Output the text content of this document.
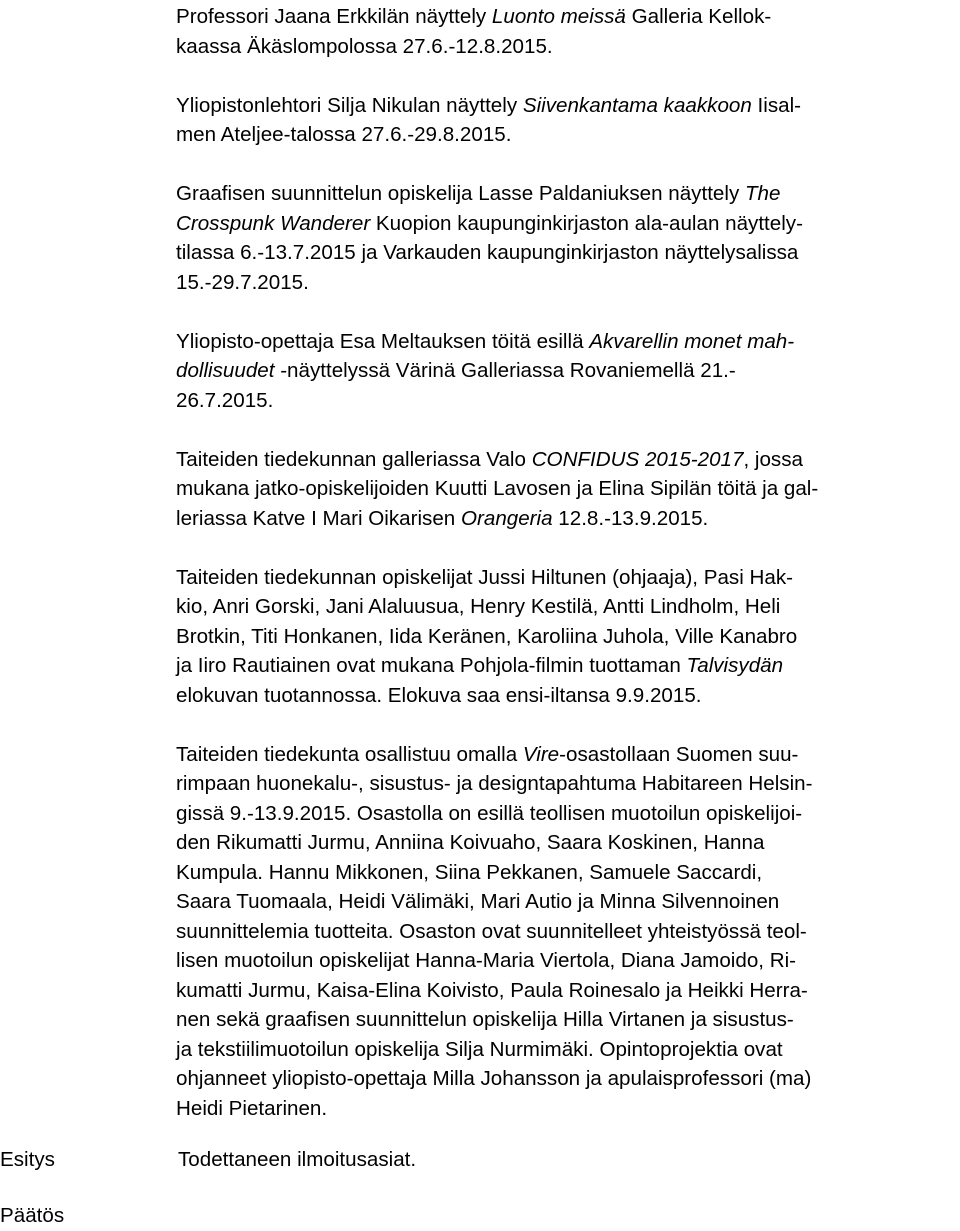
Professori Jaana Erkkilän näyttely Luonto meissä Galleria Kellok-
kaassa Äkäslompolossa 27.6.-12.8.2015.

Yliopistonlehtori Silja Nikulan näyttely Siivenkantama kaakkoon Iisal-
men Ateljee-talossa 27.6.-29.8.2015.

Graafisen suunnittelun opiskelija Lasse Paldaniuksen näyttely The
Crosspunk Wanderer Kuopion kaupunginkirjaston ala-aulan näyttely-
tilassa 6.-13.7.2015 ja Varkauden kaupunginkirjaston näyttelysalissa
15.-29.7.2015.

Yliopisto-opettaja Esa Meltauksen töitä esillä Akvarellin monet mah-
dollisuudet -näyttelyssä Värinä Galleriassa Rovaniemellä 21.-
26.7.2015.

Taiteiden tiedekunnan galleriassa Valo CONFIDUS 2015-2017, jossa
mukana jatko-opiskelijoiden Kuutti Lavosen ja Elina Sipilän töitä ja gal-
leriassa Katve I Mari Oikarisen Orangeria 12.8.-13.9.2015.

Taiteiden tiedekunnan opiskelijat Jussi Hiltunen (ohjaaja), Pasi Hak-
kio, Anri Gorski, Jani Alaluusua, Henry Kestilä, Antti Lindholm, Heli
Brotkin, Titi Honkanen, Iida Keränen, Karoliina Juhola, Ville Kanabro
ja Iiro Rautiainen ovat mukana Pohjola-filmin tuottaman Talvisydän
elokuvan tuotannossa. Elokuva saa ensi-iltansa 9.9.2015.

Taiteiden tiedekunta osallistuu omalla Vire-osastollaan Suomen suu-
rimpaan huonekalu-, sisustus- ja designtapahtuma Habitareen Helsin-
gissä 9.-13.9.2015. Osastolla on esillä teollisen muotoilun opiskelijoi-
den Rikumatti Jurmu, Anniina Koivuaho, Saara Koskinen, Hanna
Kumpula. Hannu Mikkonen, Siina Pekkanen, Samuele Saccardi,
Saara Tuomaala, Heidi Välimäki, Mari Autio ja Minna Silvennoinen
suunnittelemia tuotteita. Osaston ovat suunnitelleet yhteistyössä teol-
lisen muotoilun opiskelijat Hanna-Maria Viertola, Diana Jamoido, Ri-
kumatti Jurmu, Kaisa-Elina Koivisto, Paula Roinesalo ja Heikki Herra-
nen sekä graafisen suunnittelun opiskelija Hilla Virtanen ja sisustus-
ja tekstiilimuotoilun opiskelija Silja Nurmimäki. Opintoprojektia ovat
ohjanneet yliopisto-opettaja Milla Johansson ja apulaisprofessori (ma)
Heidi Pietarinen.

Esitys	Todettaneen ilmoitusasiat.
Päätös
